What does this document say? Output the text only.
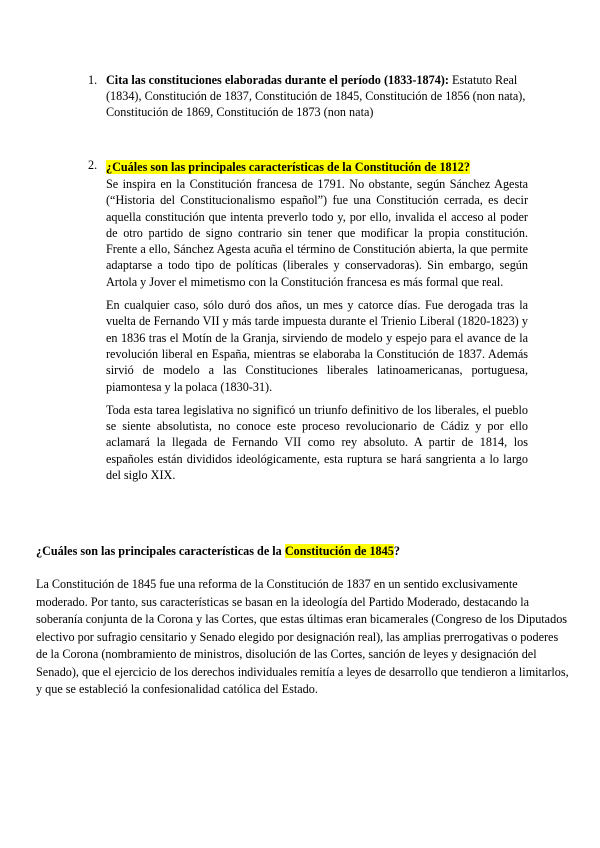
1. Cita las constituciones elaboradas durante el período (1833-1874): Estatuto Real (1834), Constitución de 1837, Constitución de 1845, Constitución de 1856 (non nata), Constitución de 1869, Constitución de 1873 (non nata)
2. ¿Cuáles son las principales características de la Constitución de 1812?

Se inspira en la Constitución francesa de 1791. No obstante, según Sánchez Agesta (“Historia del Constitucionalismo español”) fue una Constitución cerrada, es decir aquella constitución que intenta preverlo todo y, por ello, invalida el acceso al poder de otro partido de signo contrario sin tener que modificar la propia constitución. Frente a ello, Sánchez Agesta acuña el término de Constitución abierta, la que permite adaptarse a todo tipo de políticas (liberales y conservadoras). Sin embargo, según Artola y Jover el mimetismo con la Constitución francesa es más formal que real.

En cualquier caso, sólo duró dos años, un mes y catorce días. Fue derogada tras la vuelta de Fernando VII y más tarde impuesta durante el Trienio Liberal (1820-1823) y en 1836 tras el Motín de la Granja, sirviendo de modelo y espejo para el avance de la revolución liberal en España, mientras se elaboraba la Constitución de 1837. Además sirvió de modelo a las Constituciones liberales latinoamericanas, portuguesa, piamontesa y la polaca (1830-31).

Toda esta tarea legislativa no significó un triunfo definitivo de los liberales, el pueblo se siente absolutista, no conoce este proceso revolucionario de Cádiz y por ello aclamará la llegada de Fernando VII como rey absoluto. A partir de 1814, los españoles están divididos ideológicamente, esta ruptura se hará sangrienta a lo largo del siglo XIX.

¿Cuáles son las principales características de la Constitución de 1845?

La Constitución de 1845 fue una reforma de la Constitución de 1837 en un sentido exclusivamente moderado. Por tanto, sus características se basan en la ideología del Partido Moderado, destacando la soberanía conjunta de la Corona y las Cortes, que estas últimas eran bicamerales (Congreso de los Diputados electivo por sufragio censitario y Senado elegido por designación real), las amplias prerrogativas o poderes de la Corona (nombramiento de ministros, disolución de las Cortes, sanción de leyes y designación del Senado), que el ejercicio de los derechos individuales remitía a leyes de desarrollo que tendieron a limitarlos, y que se estableció la confesionalidad católica del Estado.
